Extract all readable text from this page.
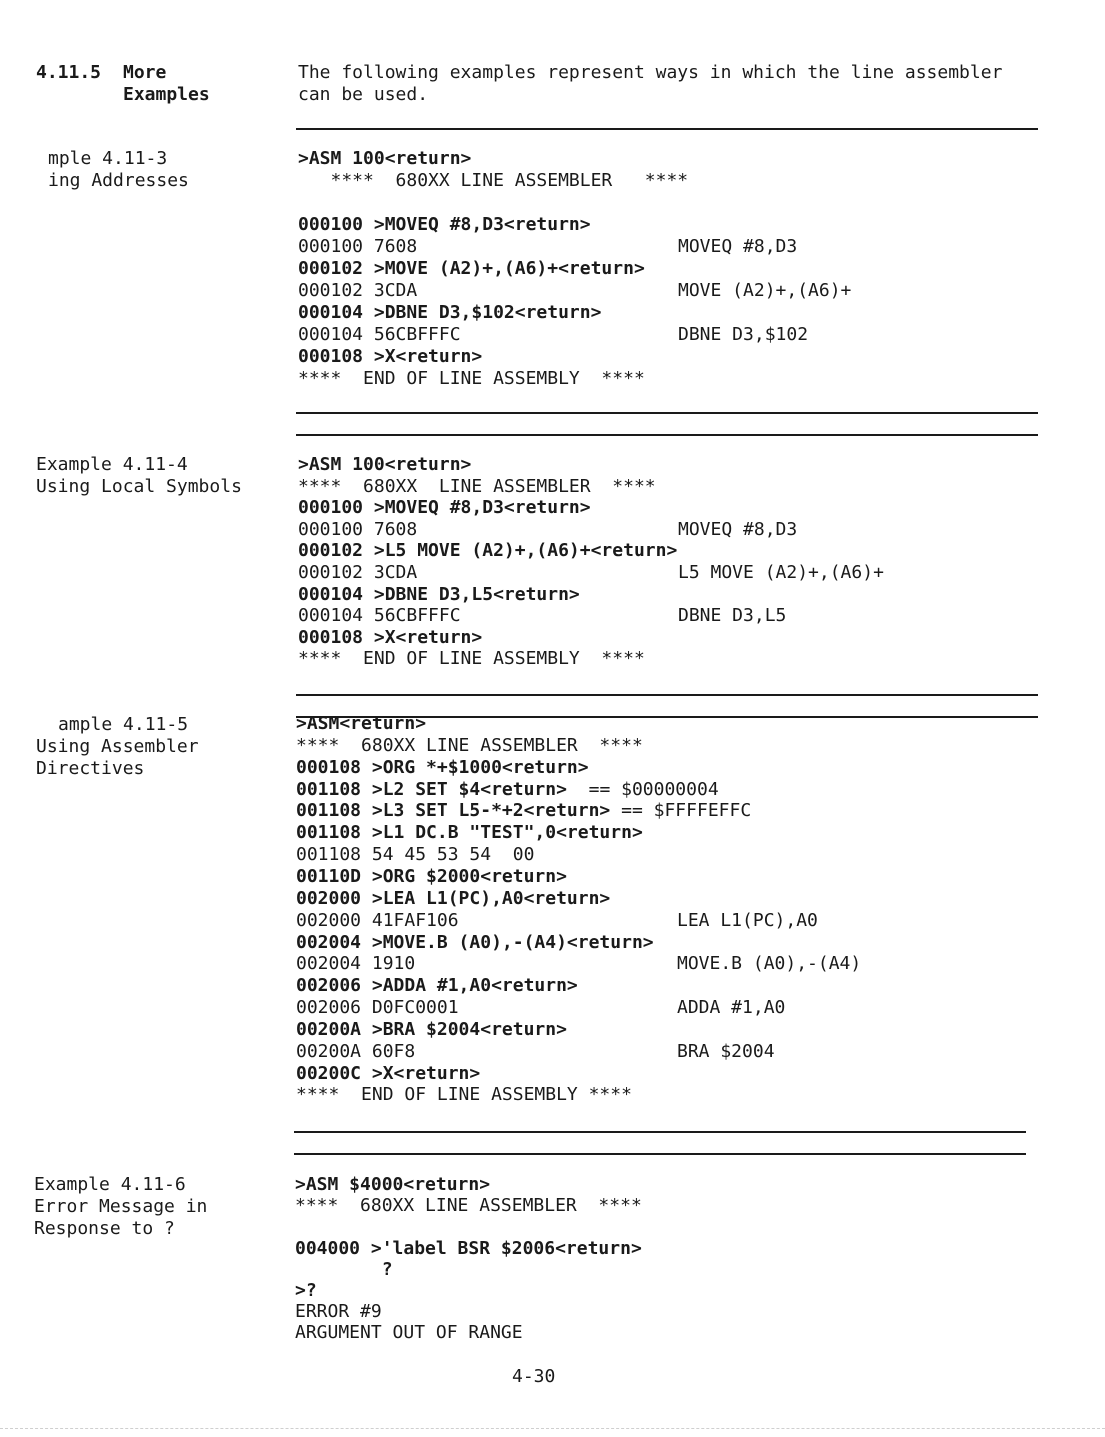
4.11.5 More
Examples
The following examples represent ways in which the line assembler
can be used.
mple 4.11-3
ing Addresses
>ASM 100<return>
****  680XX LINE ASSEMBLER   ****
000100 >MOVEQ #8,D3<return>
000100 7608	MOVEQ #8,D3
000102 >MOVE (A2)+,(A6)+<return>
000102 3CDA	MOVE (A2)+,(A6)+
000104 >DBNE D3,$102<return>
000104 56CBFFFC	DBNE D3,$102
000108 >X<return>
****  END OF LINE ASSEMBLY  ****
Example 4.11-4
Using Local Symbols
>ASM 100<return>
****  680XX  LINE ASSEMBLER  ****
000100 >MOVEQ #8,D3<return>
000100 7608	MOVEQ #8,D3
000102 >L5 MOVE (A2)+,(A6)+<return>
000102 3CDA	L5 MOVE (A2)+,(A6)+
000104 >DBNE D3,L5<return>
000104 56CBFFFC	DBNE D3,L5
000108 >X<return>
****  END OF LINE ASSEMBLY  ****
ample 4.11-5
Using Assembler
Directives
>ASM<return>
****  680XX LINE ASSEMBLER  ****
000108 >ORG *+$1000<return>
001108 >L2 SET $4<return>  == $00000004
001108 >L3 SET L5-*+2<return> == $FFFFEFFC
001108 >L1 DC.B "TEST",0<return>
001108 54 45 53 54  00
00110D >ORG $2000<return>
002000 >LEA L1(PC),A0<return>
002000 41FAF106	LEA L1(PC),A0
002004 >MOVE.B (A0),-(A4)<return>
002004 1910	MOVE.B (A0),-(A4)
002006 >ADDA #1,A0<return>
002006 D0FC0001	ADDA #1,A0
00200A >BRA $2004<return>
00200A 60F8	BRA $2004
00200C >X<return>
****  END OF LINE ASSEMBLY ****
Example 4.11-6
Error Message in
Response to ?
>ASM $4000<return>
****  680XX LINE ASSEMBLER  ****
004000 >'label BSR $2006<return>
?
>?
ERROR #9
ARGUMENT OUT OF RANGE
4-30
